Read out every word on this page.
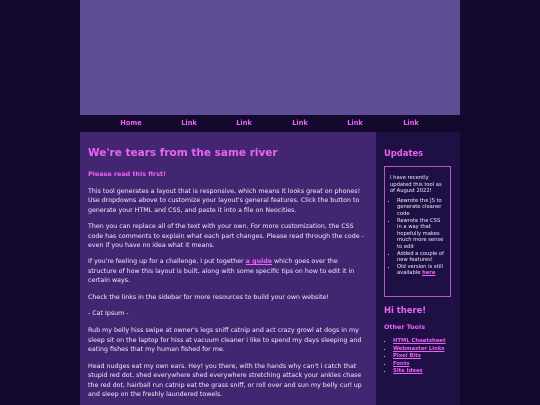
Home	Link	Link	Link	Link	Link
We're tears from the same river
Please read this first!

This tool generates a layout that is responsive, which means it looks great on phones! Use dropdowns above to customize your layout's general features. Click the button to generate your HTML and CSS, and paste it into a file on Neocities.

Then you can replace all of the text with your own. For more customization, the CSS code has comments to explain what each part changes. Please read through the code - even if you have no idea what it means.

If you're feeling up for a challenge, I put together a guide which goes over the structure of how this layout is built, along with some specific tips on how to edit it in certain ways.

Check the links in the sidebar for more resources to build your own website!

- Cat Ipsum -

Rub my belly hiss swipe at owner's legs sniff catnip and act crazy growl at dogs in my sleep sit on the laptop for hiss at vacuum cleaner i like to spend my days sleeping and eating fishes that my human fished for me.

Head nudges eat my own ears. Hey! you there, with the hands why can't i catch that stupid red dot, shed everywhere shed everywhere stretching attack your ankles chase the red dot, hairball run catnip eat the grass sniff, or roll over and sun my belly curl up and sleep on the freshly laundered towels.

Updates

I have recently updated this tool as of August 2022!

• Rewrote the JS to generate cleaner code
• Rewrote the CSS in a way that hopefully makes much more sense to edit
• Added a couple of new features!
• Old version is still available here
Hi there!
Other Tools
• HTML Cheatsheet
• Webmaster Links
• Pixel Bits
• Fonts
• Site Ideas
